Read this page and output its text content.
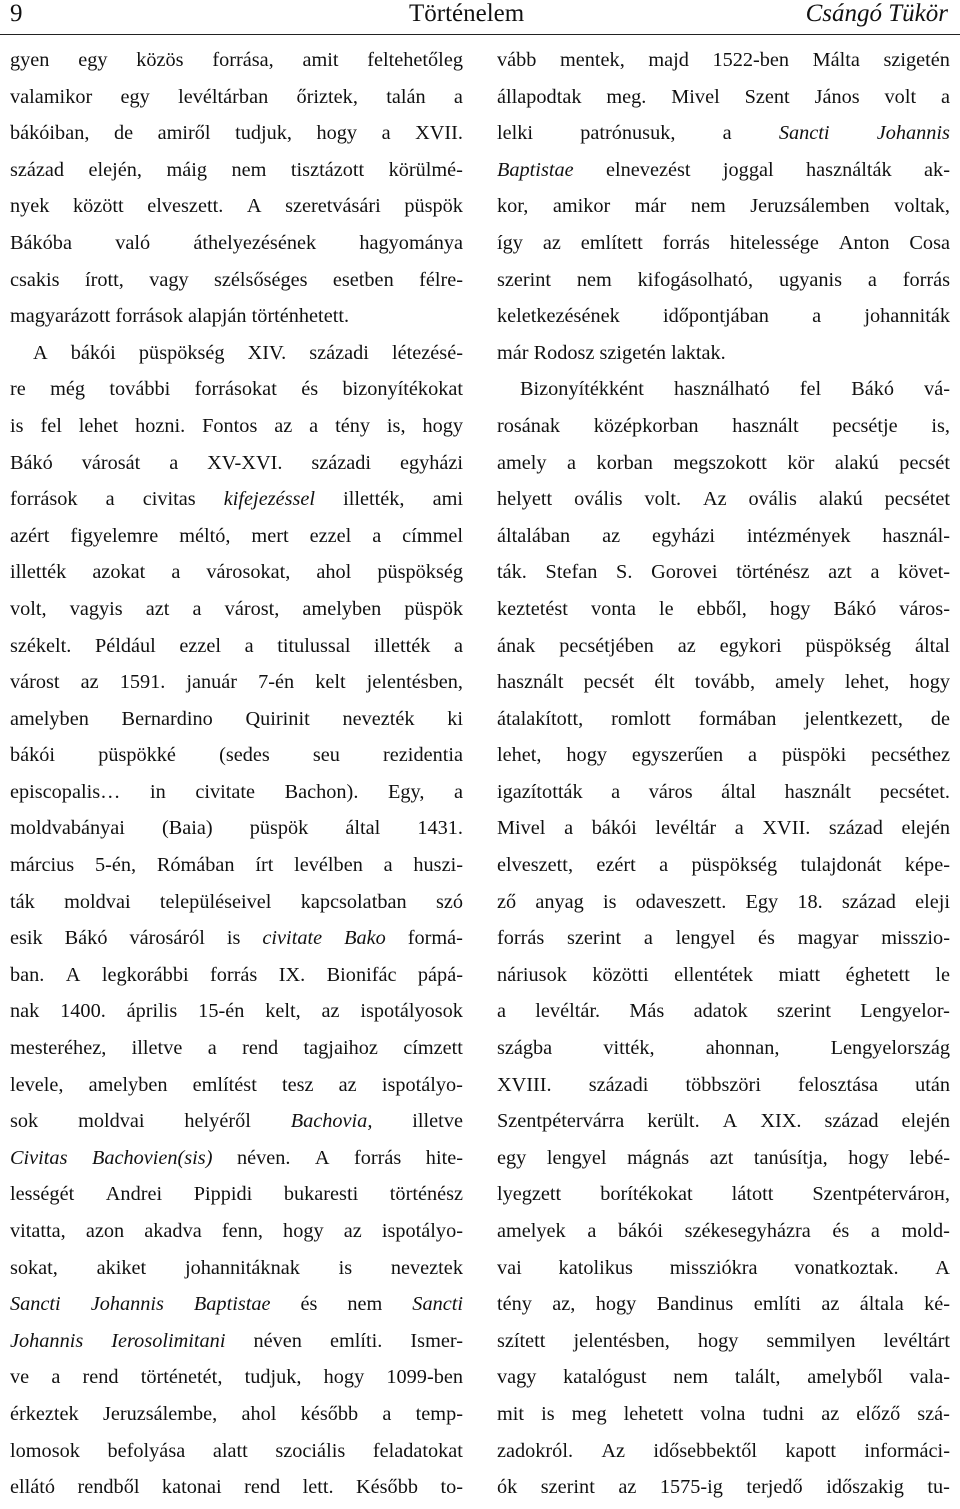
9	Történelem	Csángó Tükör
gyen egy közös forrása, amit feltehetőleg
valamikor egy levéltárban őriztek, talán a
bákóiban, de amiről tudjuk, hogy a XVII.
század elején, máig nem tisztázott körülmé-
nyek között elveszett. A szeretvásári püspök
Bákóba való áthelyezésének hagyománya
csakis írott, vagy szélsőséges esetben félre-
magyarázott források alapján történhetett.
A bákói püspökség XIV. századi létezésé-
re még további forrásokat és bizonyítékokat
is fel lehet hozni. Fontos az a tény is, hogy
Bákó városát a XV-XVI. századi egyházi
források a civitas kifejezéssel illették, ami
azért figyelemre méltó, mert ezzel a címmel
illették azokat a városokat, ahol püspökség
volt, vagyis azt a várost, amelyben püspök
székelt. Például ezzel a titulussal illették a
várost az 1591. január 7-én kelt jelentésben,
amelyben Bernardino Quirinit nevezték ki
bákói püspökké (sedes seu rezidentia
episcopalis… in civitate Bachon). Egy, a
moldvabányai (Baia) püspök által 1431.
március 5-én, Rómában írt levélben a huszi-
ták moldvai településeivel kapcsolatban szó
esik Bákó városáról is civitate Bako formá-
ban. A legkorábbi forrás IX. Bionifác pápá-
nak 1400. április 15-én kelt, az ispotályosok
mesteréhez, illetve a rend tagjaihoz címzett
levele, amelyben említést tesz az ispotályo-
sok moldvai helyéről Bachovia, illetve
Civitas Bachovien(sis) néven. A forrás hite-
lességét Andrei Pippidi bukaresti történész
vitatta, azon akadva fenn, hogy az ispotályo-
sokat, akiket johannitáknak is neveztek
Sancti Johannis Baptistae és nem Sancti
Johannis Ierosolimitani néven említi. Ismer-
ve a rend történetét, tudjuk, hogy 1099-ben
érkeztek Jeruzsálembe, ahol később a temp-
lomosok befolyása alatt szociális feladatokat
ellátó rendből katonai rend lett. Később to-
vább mentek, majd 1522-ben Málta szigetén
állapodtak meg. Mivel Szent János volt a
lelki patrónusuk, a Sancti Johannis
Baptistae elnevezést joggal használták ak-
kor, amikor már nem Jeruzsálemben voltak,
így az említett forrás hitelessége Anton Cosa
szerint nem kifogásolható, ugyanis a forrás
keletkezésének időpontjában a johanniták
már Rodosz szigetén laktak.
Bizonyítékként használható fel Bákó vá-
rosának középkorban használt pecsétje is,
amely a korban megszokott kör alakú pecsét
helyett ovális volt. Az ovális alakú pecsétet
általában az egyházi intézmények használ-
ták. Stefan S. Gorovei történész azt a követ-
keztetést vonta le ebből, hogy Bákó város-
ának pecsétjében az egykori püspökség által
használt pecsét élt tovább, amely lehet, hogy
átalakított, romlott formában jelentkezett, de
lehet, hogy egyszerűen a püspöki pecséthez
igazították a város által használt pecsétet.
Mivel a bákói levéltár a XVII. század elején
elveszett, ezért a püspökség tulajdonát képe-
ző anyag is odaveszett. Egy 18. század eleji
forrás szerint a lengyel és magyar misszio-
náriusok közötti ellentétek miatt éghetett le
a levéltár. Más adatok szerint Lengyelor-
szágba	vitték,	ahonnan,	Lengyelország
XVIII. századi többszöri felosztása után
Szentpétervárra került. A XIX. század elején
egy lengyel mágnás azt tanúsítja, hogy lebé-
lyegzett borítékokat látott Szentpétervárон,
amelyek a bákói székesegyházra és a mold-
vai katolikus missziókra vonatkoztak. A
tény az, hogy Bandinus említi az általa ké-
szített jelentésben, hogy semmilyen levéltárt
vagy katalógust nem talált, amelyből vala-
mit is meg lehetett volna tudni az előző szá-
zadokról. Az idősebbektől kapott informáci-
ók szerint az 1575-ig terjedő időszakig tu-
